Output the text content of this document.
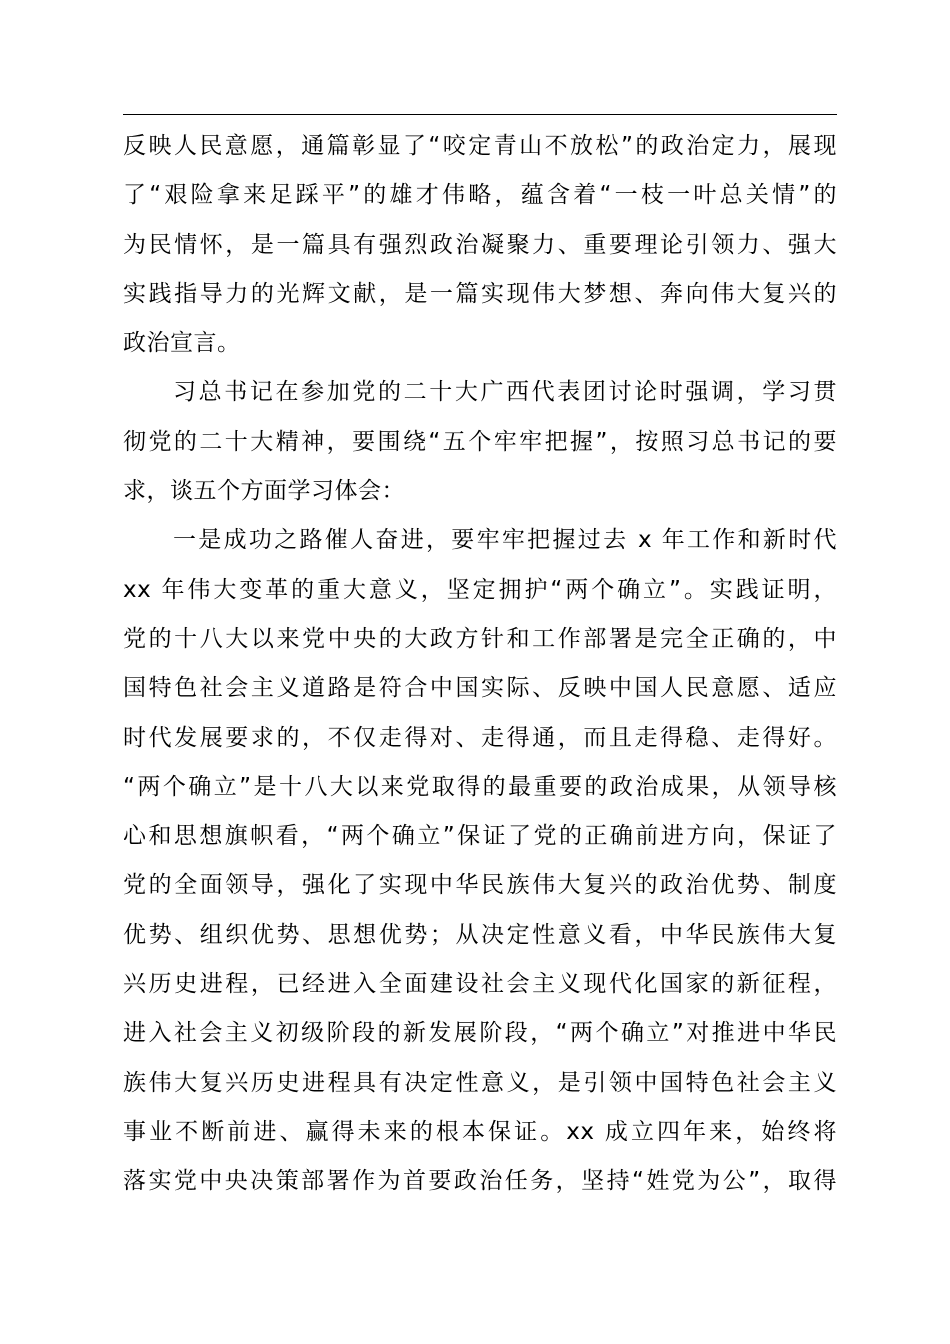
反映人民意愿，通篇彰显了“咬定青山不放松”的政治定力，展现
了“艰险拿来足踩平”的雄才伟略，蕴含着“一枝一叶总关情”的
为民情怀，是一篇具有强烈政治凝聚力、重要理论引领力、强大
实践指导力的光辉文献，是一篇实现伟大梦想、奔向伟大复兴的
政治宣言。
习总书记在参加党的二十大广西代表团讨论时强调，学习贯
彻党的二十大精神，要围绕“五个牢牢把握”，按照习总书记的要
求，谈五个方面学习体会：
一是成功之路催人奋进，要牢牢把握过去 x 年工作和新时代
xx 年伟大变革的重大意义，坚定拥护“两个确立”。实践证明，
党的十八大以来党中央的大政方针和工作部署是完全正确的，中
国特色社会主义道路是符合中国实际、反映中国人民意愿、适应
时代发展要求的，不仅走得对、走得通，而且走得稳、走得好。
“两个确立”是十八大以来党取得的最重要的政治成果，从领导核
心和思想旗帜看，“两个确立”保证了党的正确前进方向，保证了
党的全面领导，强化了实现中华民族伟大复兴的政治优势、制度
优势、组织优势、思想优势；从决定性意义看，中华民族伟大复
兴历史进程，已经进入全面建设社会主义现代化国家的新征程，
进入社会主义初级阶段的新发展阶段，“两个确立”对推进中华民
族伟大复兴历史进程具有决定性意义，是引领中国特色社会主义
事业不断前进、赢得未来的根本保证。xx 成立四年来，始终将
落实党中央决策部署作为首要政治任务，坚持“姓党为公”，取得
